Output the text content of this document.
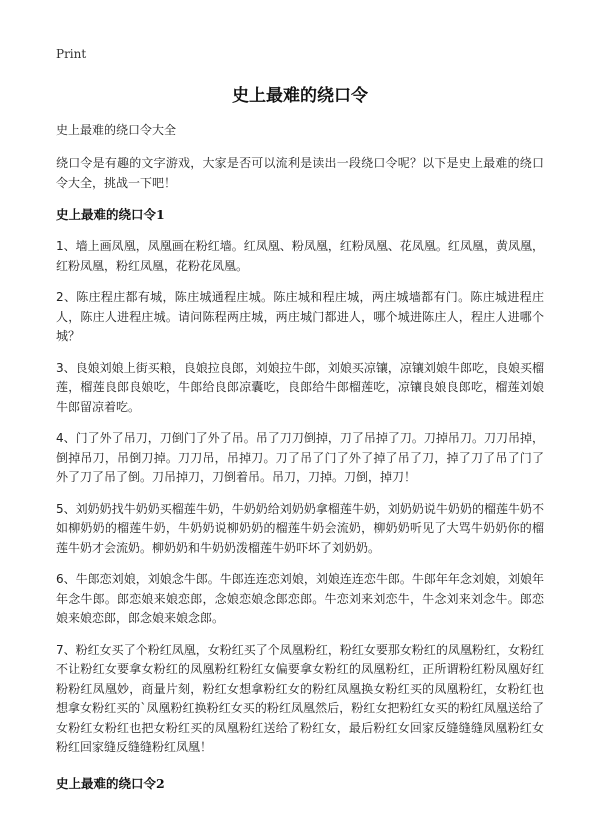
Print
史上最难的绕口令

史上最难的绕口令大全

绕口令是有趣的文字游戏，大家是否可以流利是读出一段绕口令呢？以下是史上最难的绕口令大全，挑战一下吧！

史上最难的绕口令1

1、墙上画凤凰，凤凰画在粉红墙。红凤凰、粉凤凰，红粉凤凰、花凤凰。红凤凰，黄凤凰，红粉凤凰，粉红凤凰，花粉花凤凰。

2、陈庄程庄都有城，陈庄城通程庄城。陈庄城和程庄城，两庄城墙都有门。陈庄城进程庄人，陈庄人进程庄城。请问陈程两庄城，两庄城门都进人，哪个城进陈庄人，程庄人进哪个城？

3、良娘刘娘上街买粮，良娘拉良郎，刘娘拉牛郎，刘娘买凉镶，凉镶刘娘牛郎吃，良娘买榴莲，榴莲良郎良娘吃，牛郎给良郎凉囊吃，良郎给牛郎榴莲吃，凉镶良娘良郎吃，榴莲刘娘牛郎留凉着吃。

4、门了外了吊刀，刀倒门了外了吊。吊了刀刀倒掉，刀了吊掉了刀。刀掉吊刀。刀刀吊掉，倒掉吊刀，吊倒刀掉。刀刀吊，吊掉刀。刀了吊了门了外了掉了吊了刀，掉了刀了吊了门了外了刀了吊了倒。刀吊掉刀，刀倒着吊。吊刀，刀掉。刀倒，掉刀！

5、刘奶奶找牛奶奶买榴莲牛奶，牛奶奶给刘奶奶拿榴莲牛奶，刘奶奶说牛奶奶的榴莲牛奶不如柳奶奶的榴莲牛奶，牛奶奶说柳奶奶的榴莲牛奶会流奶，柳奶奶听见了大骂牛奶奶你的榴莲牛奶才会流奶。柳奶奶和牛奶奶泼榴莲牛奶吓坏了刘奶奶。

6、牛郎恋刘娘，刘娘念牛郎。牛郎连连恋刘娘，刘娘连连恋牛郎。牛郎年年念刘娘，刘娘年年念牛郎。郎恋娘来娘恋郎，念娘恋娘念郎恋郎。牛恋刘来刘恋牛，牛念刘来刘念牛。郎恋娘来娘恋郎，郎念娘来娘念郎。

7、粉红女买了个粉红凤凰，女粉红买了个凤凰粉红，粉红女要那女粉红的凤凰粉红，女粉红不让粉红女要拿女粉红的凤凰粉红粉红女偏要拿女粉红的凤凰粉红，正所谓粉红粉凤凰好红粉粉红凤凰妙，商量片刻，粉红女想拿粉红女的粉红凤凰换女粉红买的凤凰粉红，女粉红也想拿女粉红买的`凤凰粉红换粉红女买的粉红凤凰然后，粉红女把粉红女买的粉红凤凰送给了女粉红女粉红也把女粉红买的凤凰粉红送给了粉红女，最后粉红女回家反缝缝缝凤凰粉红女粉红回家缝反缝缝粉红凤凰！

史上最难的绕口令2
